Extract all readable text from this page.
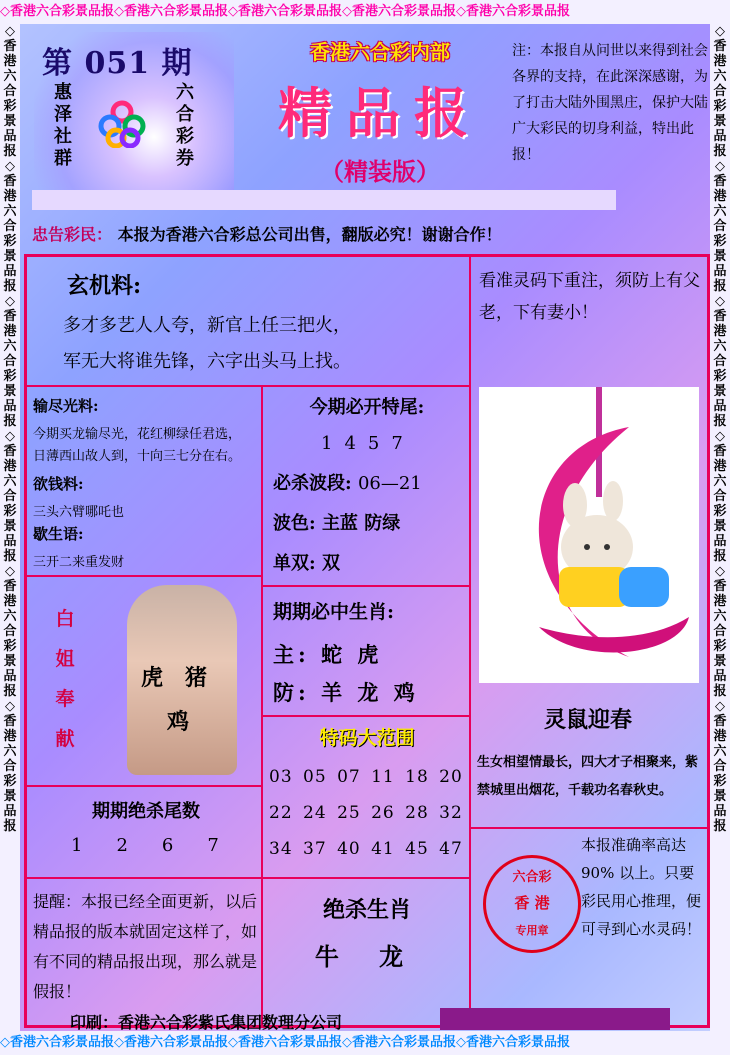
◇香港六合彩景品报◇香港六合彩景品报◇香港六合彩景品报◇香港六合彩景品报◇香港六合彩景品报
◇香港六合彩景品报◇香港六合彩景品报◇香港六合彩景品报◇香港六合彩景品报◇香港六合彩景品报◇香港六合彩景品报
◇香港六合彩景品报◇香港六合彩景品报◇香港六合彩景品报◇香港六合彩景品报◇香港六合彩景品报◇香港六合彩景品报
◇香港六合彩景品报◇香港六合彩景品报◇香港六合彩景品报◇香港六合彩景品报◇香港六合彩景品报
第 051 期
惠
泽
社
群
六
合
彩
券
香港六合彩内部
精品报
（精装版）
注：本报自从问世以来得到社会各界的支持，在此深深感谢，为了打击大陆外围黑庄，保护大陆广大彩民的切身利益，特出此报！
忠告彩民： 本报为香港六合彩总公司出售，翻版必究！谢谢合作！
玄机料:
多才多艺人人夸，新官上任三把火，
军无大将谁先锋，六字出头马上找。
看准灵码下重注，须防上有父老，下有妻小！
灵鼠迎春
生女相望情最长，四大才子相聚来，紫禁城里出烟花，千载功名春秋史。
输尽光料:
今期买龙输尽光，花红柳绿任君选，
日薄西山故人到，十向三七分在右。
欲钱料:
三头六臂哪吒也
歇生语:
三开二来重发财
今期必开特尾:
1457
必杀波段: 06—21
波色: 主蓝 防绿
单双: 双
白
姐
奉
献
虎 猪
鸡
期期必中生肖:
主: 蛇 虎
防: 羊 龙 鸡
特码大范围
03 05 07 11 18 20
22 24 25 26 28 32
34 37 40 41 45 47
期期绝杀尾数
1267	本报准确率高达 90% 以上。只要彩民用心推理，便可寻到心水灵码！
六合彩
香 港
专用章
提醒：本报已经全面更新，以后精品报的版本就固定这样了，如有不同的精品报出现，那么就是假报！
绝杀生肖
牛 龙
印刷：香港六合彩紫氏集团数理分公司
